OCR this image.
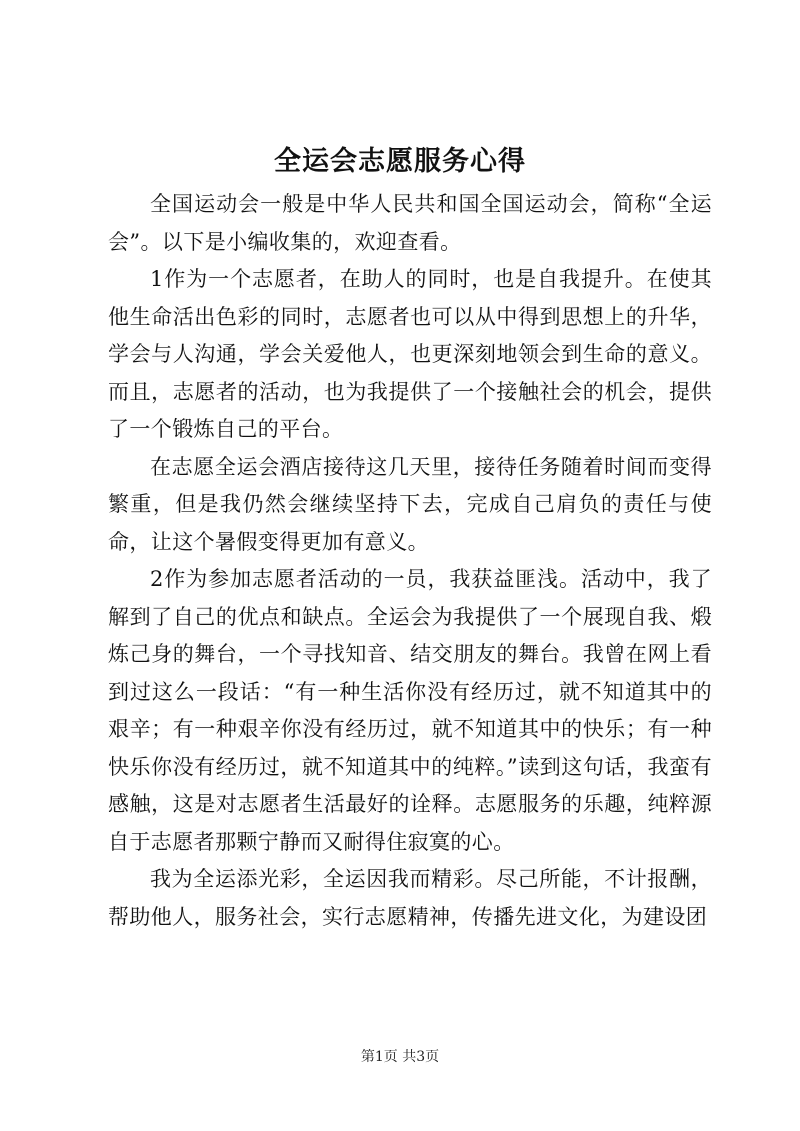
全运会志愿服务心得

全国运动会一般是中华人民共和国全国运动会，简称“全运会”。以下是小编收集的，欢迎查看。

1作为一个志愿者，在助人的同时，也是自我提升。在使其他生命活出色彩的同时，志愿者也可以从中得到思想上的升华，学会与人沟通，学会关爱他人，也更深刻地领会到生命的意义。而且，志愿者的活动，也为我提供了一个接触社会的机会，提供了一个锻炼自己的平台。

在志愿全运会酒店接待这几天里，接待任务随着时间而变得繁重，但是我仍然会继续坚持下去，完成自己肩负的责任与使命，让这个暑假变得更加有意义。

2作为参加志愿者活动的一员，我获益匪浅。活动中，我了解到了自己的优点和缺点。全运会为我提供了一个展现自我、煅炼己身的舞台，一个寻找知音、结交朋友的舞台。我曾在网上看到过这么一段话：“有一种生活你没有经历过，就不知道其中的艰辛；有一种艰辛你没有经历过，就不知道其中的快乐；有一种快乐你没有经历过，就不知道其中的纯粹。”读到这句话，我蛮有感触，这是对志愿者生活最好的诠释。志愿服务的乐趣，纯粹源自于志愿者那颗宁静而又耐得住寂寞的心。

我为全运添光彩，全运因我而精彩。尽己所能，不计报酬，帮助他人，服务社会，实行志愿精神，传播先进文化，为建设团

第1页 共3页
